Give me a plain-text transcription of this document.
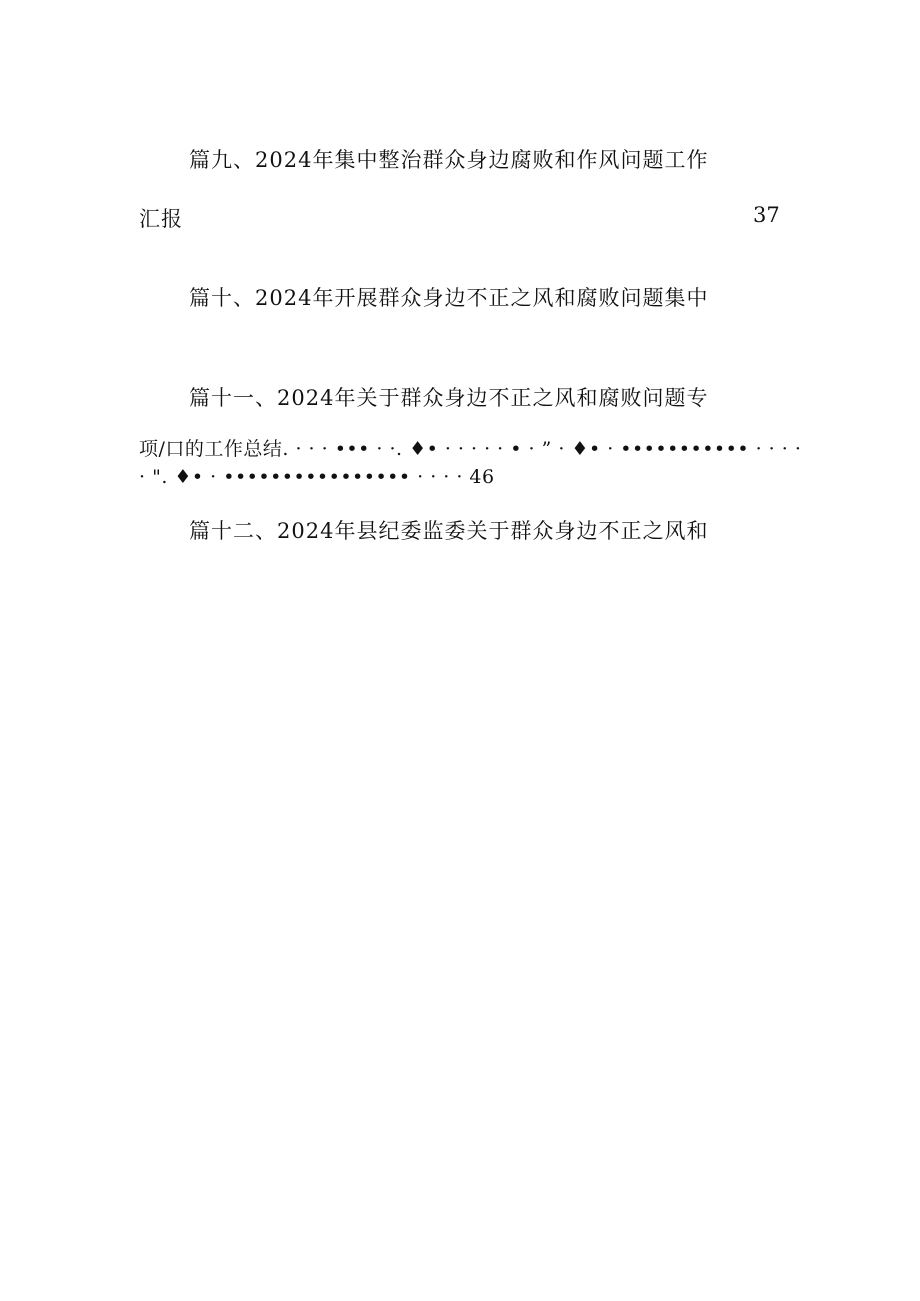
篇九、2024年集中整治群众身边腐败和作风问题工作
汇报	37
篇十、2024年开展群众身边不正之风和腐败问题集中
篇十一、2024年关于群众身边不正之风和腐败问题专
项/口的工作总结. · · · ••• · ·. ♦• · · · · · • · ” · ♦• · ••••••••••• · · · ·
· ". ♦• · •••••••••••••••• · · · · 46
篇十二、2024年县纪委监委关于群众身边不正之风和
